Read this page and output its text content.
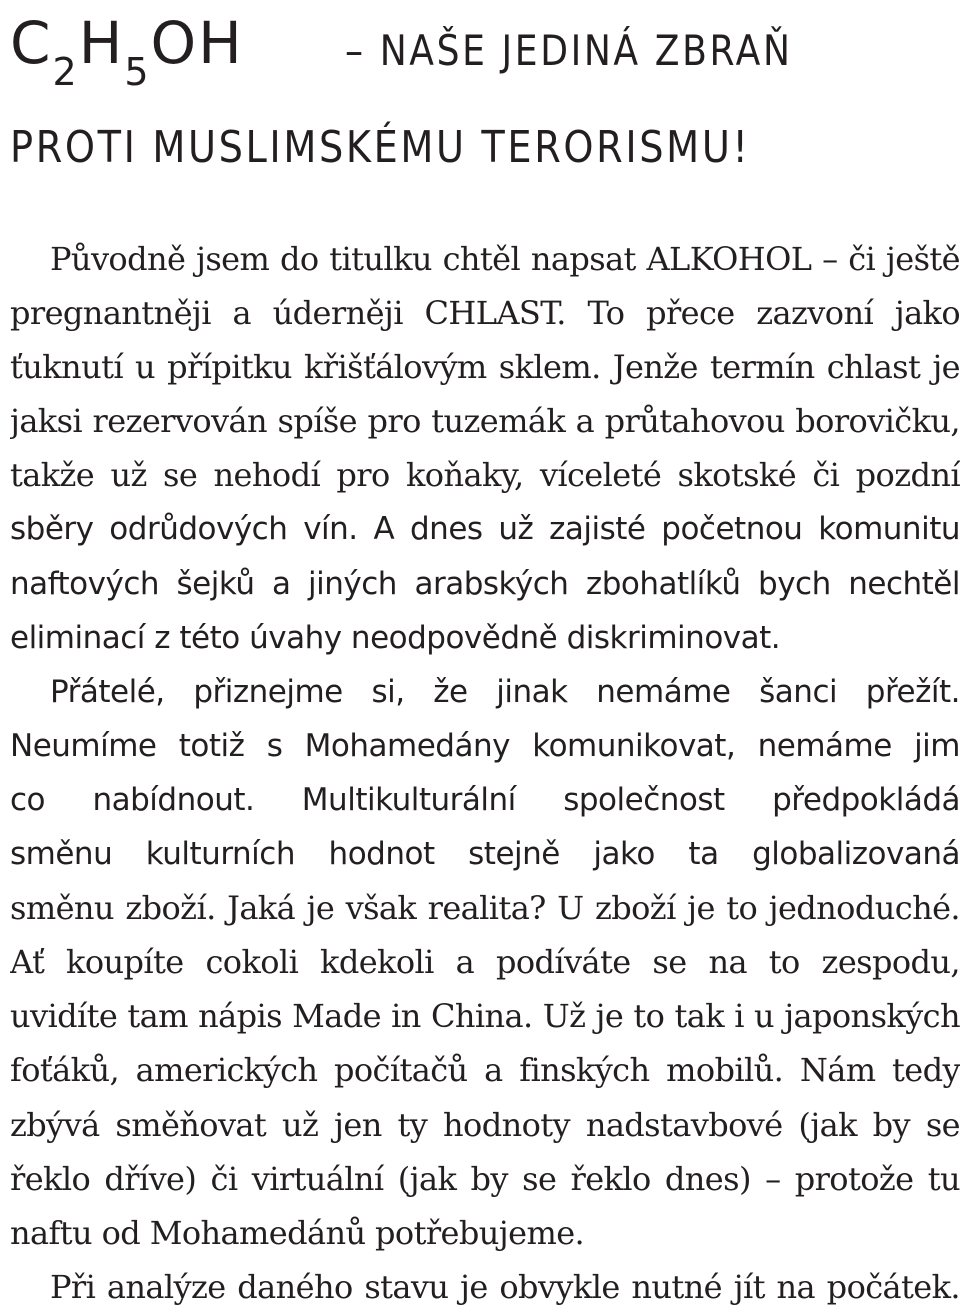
$C_2H_5OH$ – NAŠE JEDINÁ ZBRAŇ
PROTI MUSLIMSKÉMU TERORISMU!
Původně jsem do titulku chtěl napsat ALKOHOL – či ještě
pregnantněji a úderněji CHLAST. To přece zazvoní jako
ťuknutí u přípitku křišťálovým sklem. Jenže termín chlast je
jaksi rezervován spíše pro tuzemák a průtahovou borovičku,
takže už se nehodí pro koňaky, víceleté skotské či pozdní
sběry odrůdových vín. A dnes už zajisté početnou komunitu
naftových šejků a jiných arabských zbohatlíků bych nechtěl
eliminací z této úvahy neodpovědně diskriminovat.
Přátelé, přiznejme si, že jinak nemáme šanci přežít.
Neumíme totiž s Mohamedány komunikovat, nemáme jim
co nabídnout. Multikulturální společnost předpokládá
směnu kulturních hodnot stejně jako ta globalizovaná
směnu zboží. Jaká je však realita? U zboží je to jednoduché.
Ať koupíte cokoli kdekoli a podíváte se na to zespodu,
uvidíte tam nápis Made in China. Už je to tak i u japonských
foťáků, amerických počítačů a finských mobilů. Nám tedy
zbývá směňovat už jen ty hodnoty nadstavbové (jak by se
řeklo dříve) či virtuální (jak by se řeklo dnes) – protože tu
naftu od Mohamedánů potřebujeme.
Při analýze daného stavu je obvykle nutné jít na počátek.
